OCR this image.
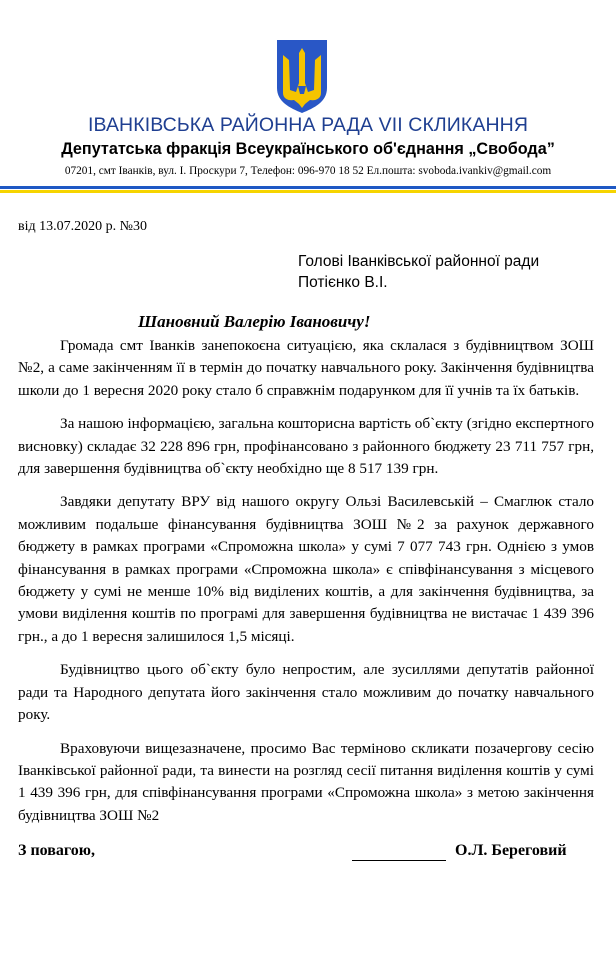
ІВАНКІВСЬКА РАЙОННА РАДА VII СКЛИКАННЯ
Депутатська фракція Всеукраїнського об'єднання „Свобода”
07201, смт Іванків, вул. І. Проскури 7, Телефон: 096-970 18 52 Ел.пошта: svoboda.ivankiv@gmail.com
від 13.07.2020 р. №30
Голові Іванківської районної ради
Потієнко В.І.
Шановний Валерію Івановичу!

Громада смт Іванків занепокоєна ситуацією, яка склалася з будівництвом ЗОШ №2, а саме закінченням її в термін до початку навчального року. Закінчення будівництва школи до 1 вересня 2020 року стало б справжнім подарунком для її учнів та їх батьків.

За нашою інформацією, загальна кошторисна вартість об`єкту (згідно експертного висновку) складає 32 228 896 грн, профінансовано з районного бюджету 23 711 757 грн, для завершення будівництва об`єкту необхідно ще 8 517 139 грн.

Завдяки депутату ВРУ від нашого округу Ользі Василевській – Смаглюк стало можливим подальше фінансування будівництва ЗОШ №2 за рахунок державного бюджету в рамках програми «Спроможна школа» у сумі 7 077 743 грн. Однією з умов фінансування в рамках програми «Спроможна школа» є співфінансування з місцевого бюджету у сумі не менше 10% від виділених коштів, а для закінчення будівництва, за умови виділення коштів по програмі для завершення будівництва не вистачає 1 439 396 грн., а до 1 вересня залишилося 1,5 місяці.

Будівництво цього об`єкту було непростим, але зусиллями депутатів районної ради та Народного депутата його закінчення стало можливим до початку навчального року.

Враховуючи вищезазначене, просимо Вас терміново скликати позачергову сесію Іванківської районної ради, та винести на розгляд сесії питання виділення коштів у сумі 1 439 396 грн, для співфінансування програми «Спроможна школа» з метою закінчення будівництва ЗОШ №2

З повагою,	О.Л. Береговий
